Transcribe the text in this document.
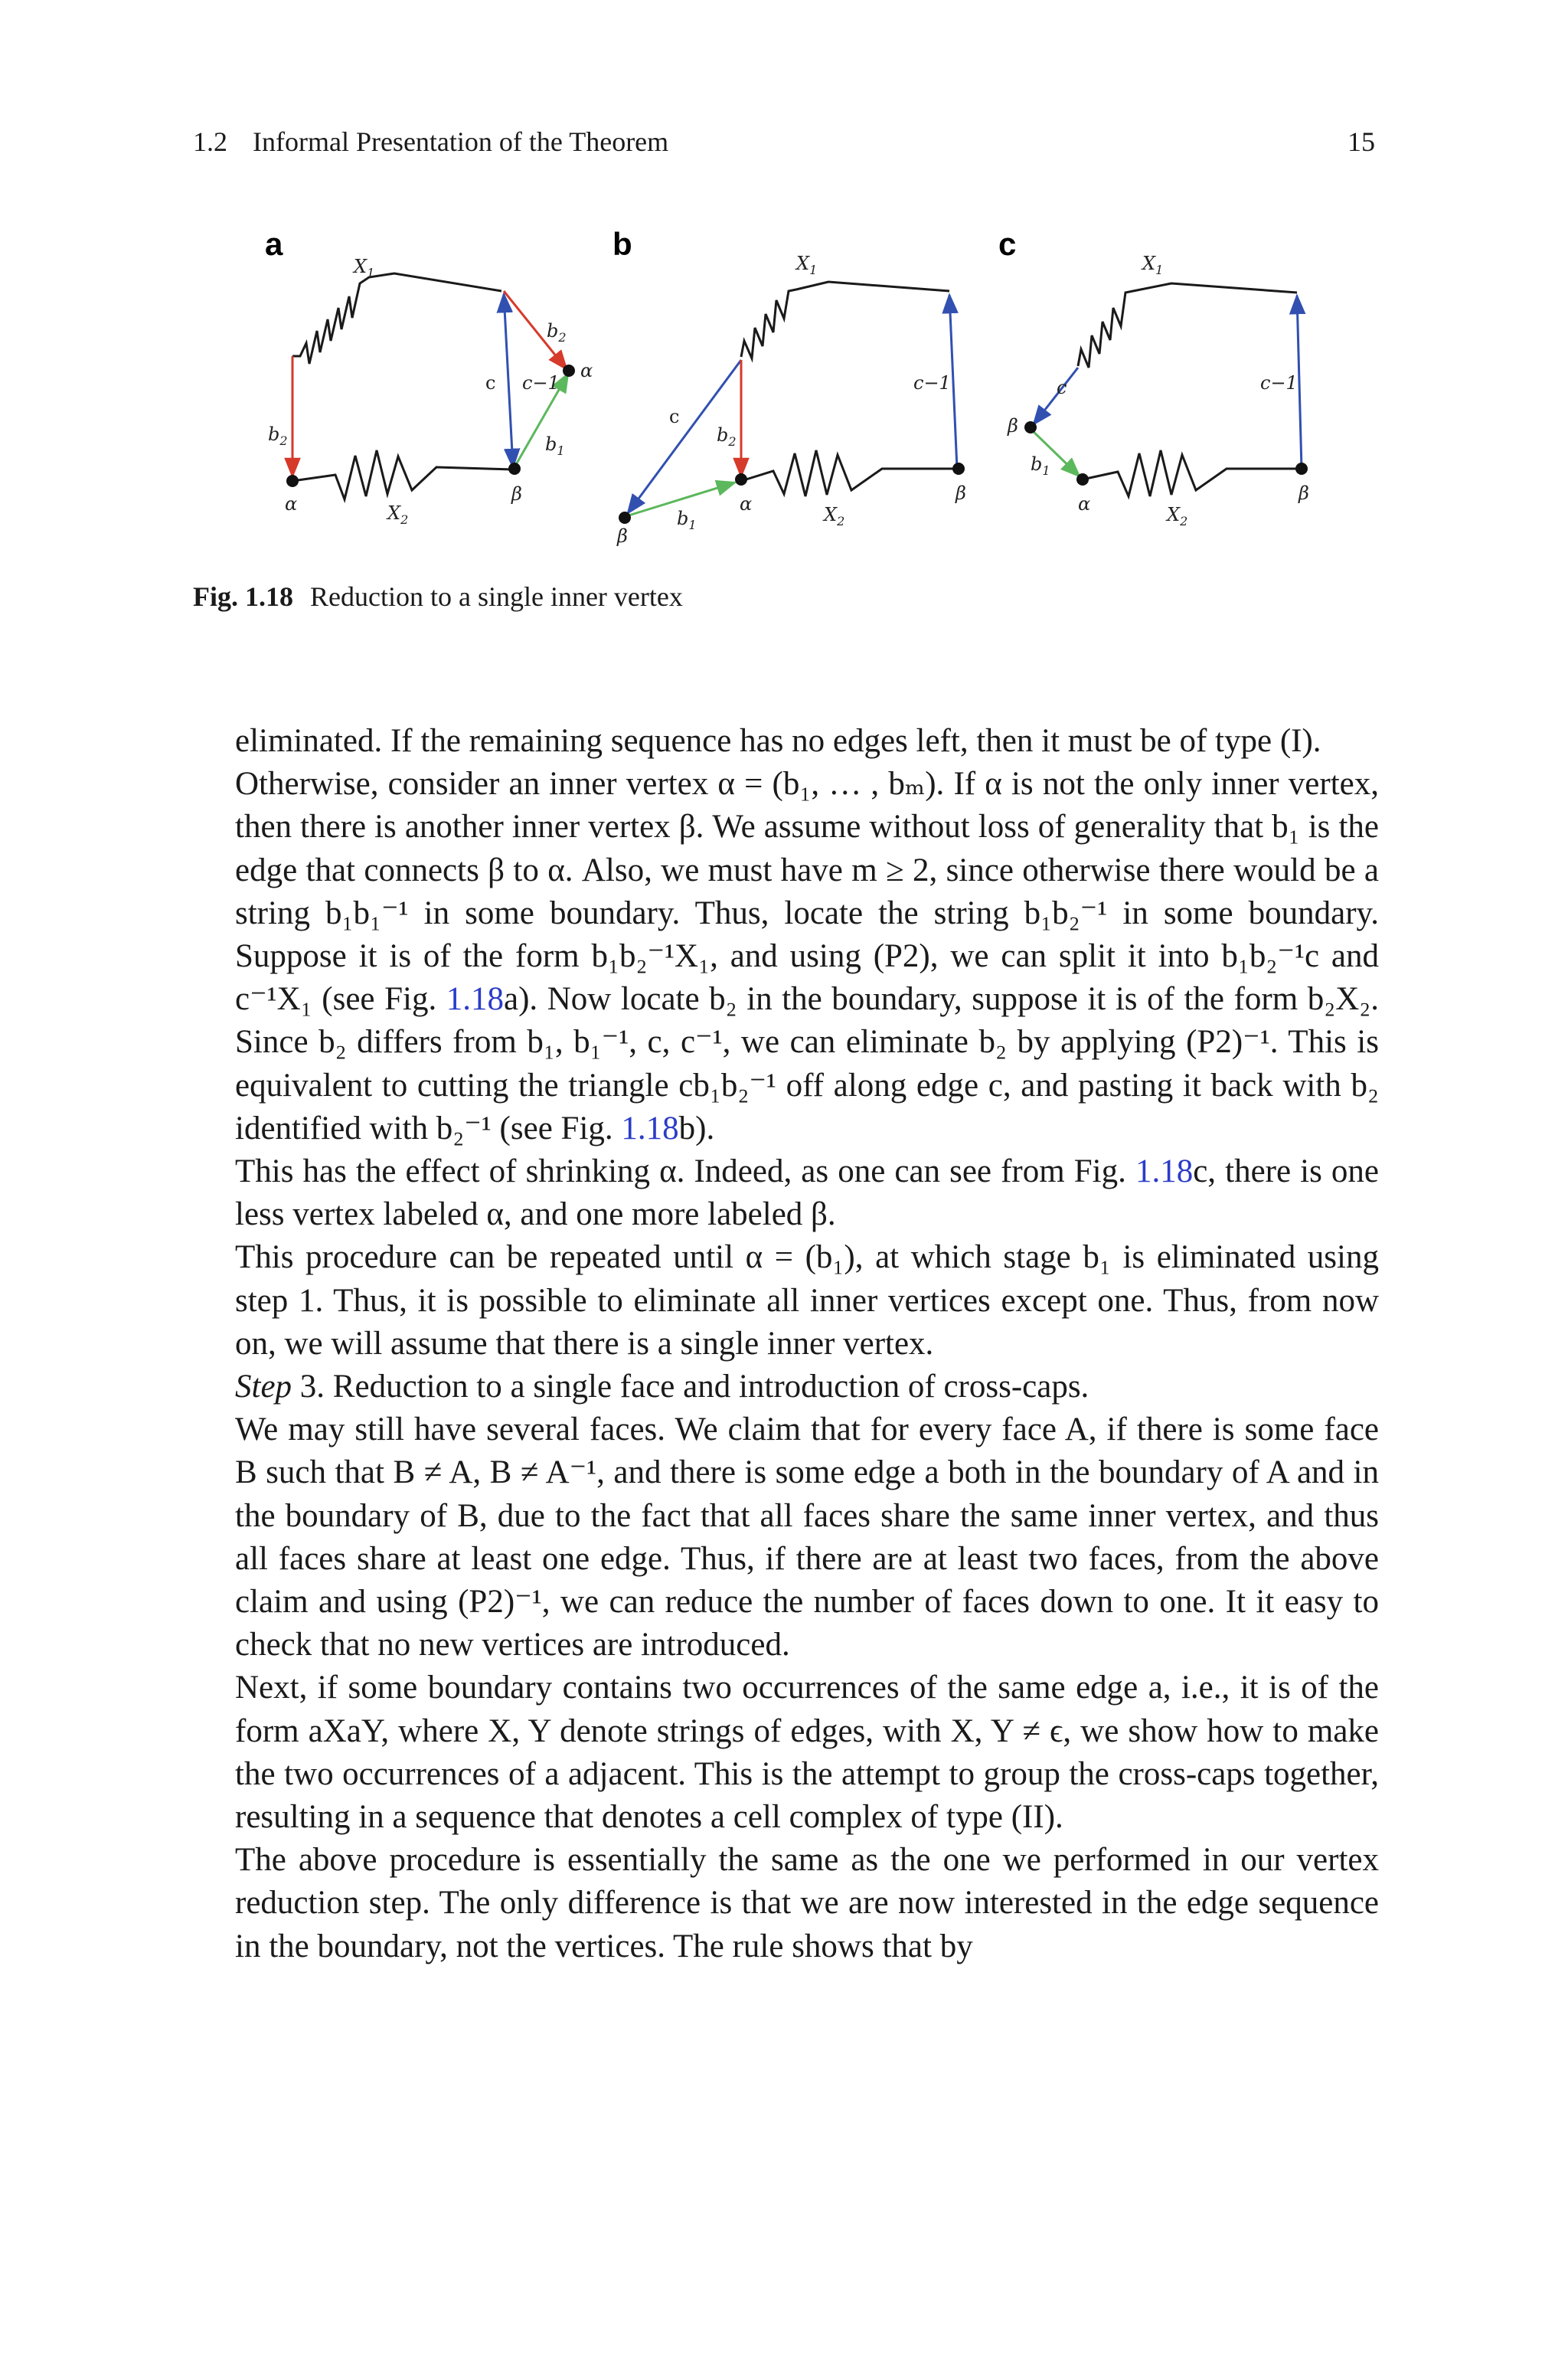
1.2 Informal Presentation of the Theorem	15
a
$X_1$
$b_2$
$b_2$
c c−1
$b_1$
α
α	β
$X_2$
b
$X_1$
c
$b_2$
c−1
$b_1$
α
β
β
$X_2$
c
$X_1$
c	c−1
β
$b_1$
α	β
$X_2$
Fig. 1.18 Reduction to a single inner vertex

eliminated. If the remaining sequence has no edges left, then it must be of type (I).

Otherwise, consider an inner vertex α = (b₁, … , bₘ). If α is not the only inner vertex, then there is another inner vertex β. We assume without loss of generality that b₁ is the edge that connects β to α. Also, we must have m ≥ 2, since otherwise there would be a string b₁b₁⁻¹ in some boundary. Thus, locate the string b₁b₂⁻¹ in some boundary. Suppose it is of the form b₁b₂⁻¹X₁, and using (P2), we can split it into b₁b₂⁻¹c and c⁻¹X₁ (see Fig. 1.18a). Now locate b₂ in the boundary, suppose it is of the form b₂X₂. Since b₂ differs from b₁, b₁⁻¹, c, c⁻¹, we can eliminate b₂ by applying (P2)⁻¹. This is equivalent to cutting the triangle cb₁b₂⁻¹ off along edge c, and pasting it back with b₂ identified with b₂⁻¹ (see Fig. 1.18b).

This has the effect of shrinking α. Indeed, as one can see from Fig. 1.18c, there is one less vertex labeled α, and one more labeled β.

This procedure can be repeated until α = (b₁), at which stage b₁ is eliminated using step 1. Thus, it is possible to eliminate all inner vertices except one. Thus, from now on, we will assume that there is a single inner vertex.

Step 3. Reduction to a single face and introduction of cross-caps.

We may still have several faces. We claim that for every face A, if there is some face B such that B ≠ A, B ≠ A⁻¹, and there is some edge a both in the boundary of A and in the boundary of B, due to the fact that all faces share the same inner vertex, and thus all faces share at least one edge. Thus, if there are at least two faces, from the above claim and using (P2)⁻¹, we can reduce the number of faces down to one. It it easy to check that no new vertices are introduced.

Next, if some boundary contains two occurrences of the same edge a, i.e., it is of the form aXaY, where X, Y denote strings of edges, with X, Y ≠ ϵ, we show how to make the two occurrences of a adjacent. This is the attempt to group the cross-caps together, resulting in a sequence that denotes a cell complex of type (II).

The above procedure is essentially the same as the one we performed in our vertex reduction step. The only difference is that we are now interested in the edge sequence in the boundary, not the vertices. The rule shows that by
